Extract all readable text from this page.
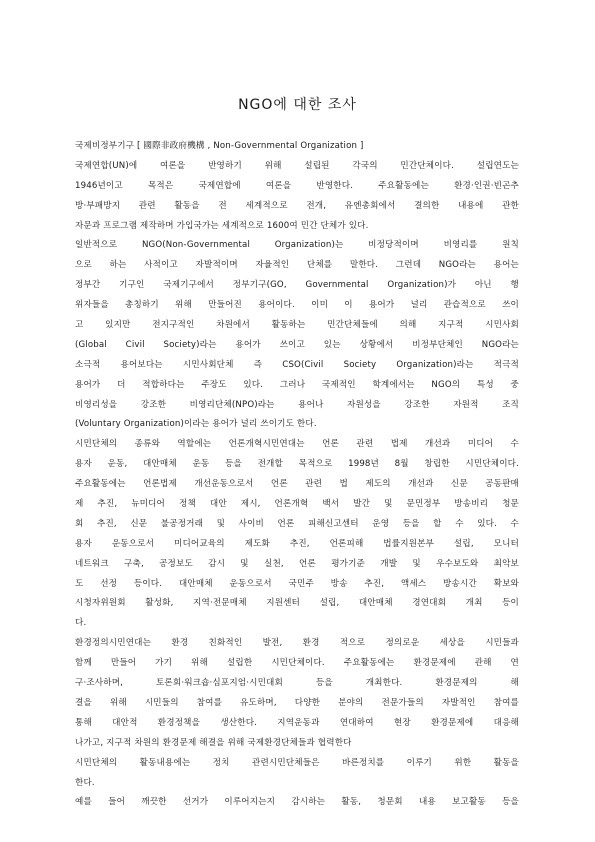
NGO에 대한 조사
국제비정부기구 [ 國際非政府機構 , Non-Governmental Organization ]
국제연합(UN)에 여론을 반영하기 위해 설립된 각국의 민간단체이다. 설립연도는
1946년이고 목적은 국제연합에 여론을 반영한다. 주요활동에는 환경·인권·빈곤추
방·부패방지 관련 활동을 전 세계적으로 전개, 유엔총회에서 결의한 내용에 관한
자문과 프로그램 제작하며 가입국가는 세계적으로 1600여 민간 단체가 있다.
일반적으로 NGO(Non-Governmental Organization)는 비정당적이며 비영리를 원칙
으로 하는 사적이고 자발적이며 자율적인 단체를 말한다. 그런데 NGO라는 용어는
정부간 기구인 국제기구에서 정부기구(GO, Governmental Organization)가 아닌 행
위자들을 총칭하기 위해 만들어진 용어이다. 이미 이 용어가 널리 관습적으로 쓰이
고 있지만 전지구적인 차원에서 활동하는 민간단체들에 의해 지구적 시민사회
(Global Civil Society)라는 용어가 쓰이고 있는 상황에서 비정부단체인 NGO라는
소극적 용어보다는 시민사회단체 즉 CSO(Civil Society Organization)라는 적극적
용어가 더 적합하다는 주장도 있다. 그러나 국제적인 학계에서는 NGO의 특성 중
비영리성을 강조한 비영리단체(NPO)라는 용어나 자원성을 강조한 자원적 조직
(Voluntary Organization)이라는 용어가 널리 쓰이기도 한다.
시민단체의 종류와 역할에는 언론개혁시민연대는 언론 관련 법제 개선과 미디어 수
용자 운동, 대안매체 운동 등을 전개할 목적으로 1998년 8월 창립한 시민단체이다.
주요활동에는 언론법제 개선운동으로서 언론 관련 법 제도의 개선과 신문 공동판매
제 추진, 뉴미디어 정책 대안 제시, 언론개혁 백서 발간 및 문민정부 방송비리 청문
회 추진, 신문 불공정거래 및 사이비 언론 피해신고센터 운영 등을 할 수 있다. 수
용자 운동으로서 미디어교육의 제도화 추진, 언론피해 법률지원본부 설립, 모니터
네트워크 구축, 공정보도 감시 및 실천, 언론 평가기준 개발 및 우수보도와 최악보
도 선정 등이다. 대안매체 운동으로서 국민주 방송 추진, 액세스 방송시간 확보와
시청자위원회 활성화, 지역·전문매체 지원센터 설립, 대안매체 경연대회 개최 등이
다.
환경정의시민연대는 환경 친화적인 발전, 환경 적으로 정의로운 세상을 시민들과
함께 만들어 가기 위해 설립한 시민단체이다. 주요활동에는 환경문제에 관해 연
구·조사하며, 토론회·워크숍·심포지엄·시민대회 등을 개최한다. 환경문제의 해
결을 위해 시민들의 참여를 유도하며, 다양한 분야의 전문가들의 자발적인 참여를
통해 대안적 환경정책을 생산한다. 지역운동과 연대하여 현장 환경문제에 대응해
나가고, 지구적 차원의 환경문제 해결을 위해 국제환경단체들과 협력한다
시민단체의 활동내용에는 정치 관련시민단체들은 바른정치를 이루기 위한 활동을
한다.
예를 들어 깨끗한 선거가 이루어지는지 감시하는 활동, 청문회 내용 보고활동 등을
